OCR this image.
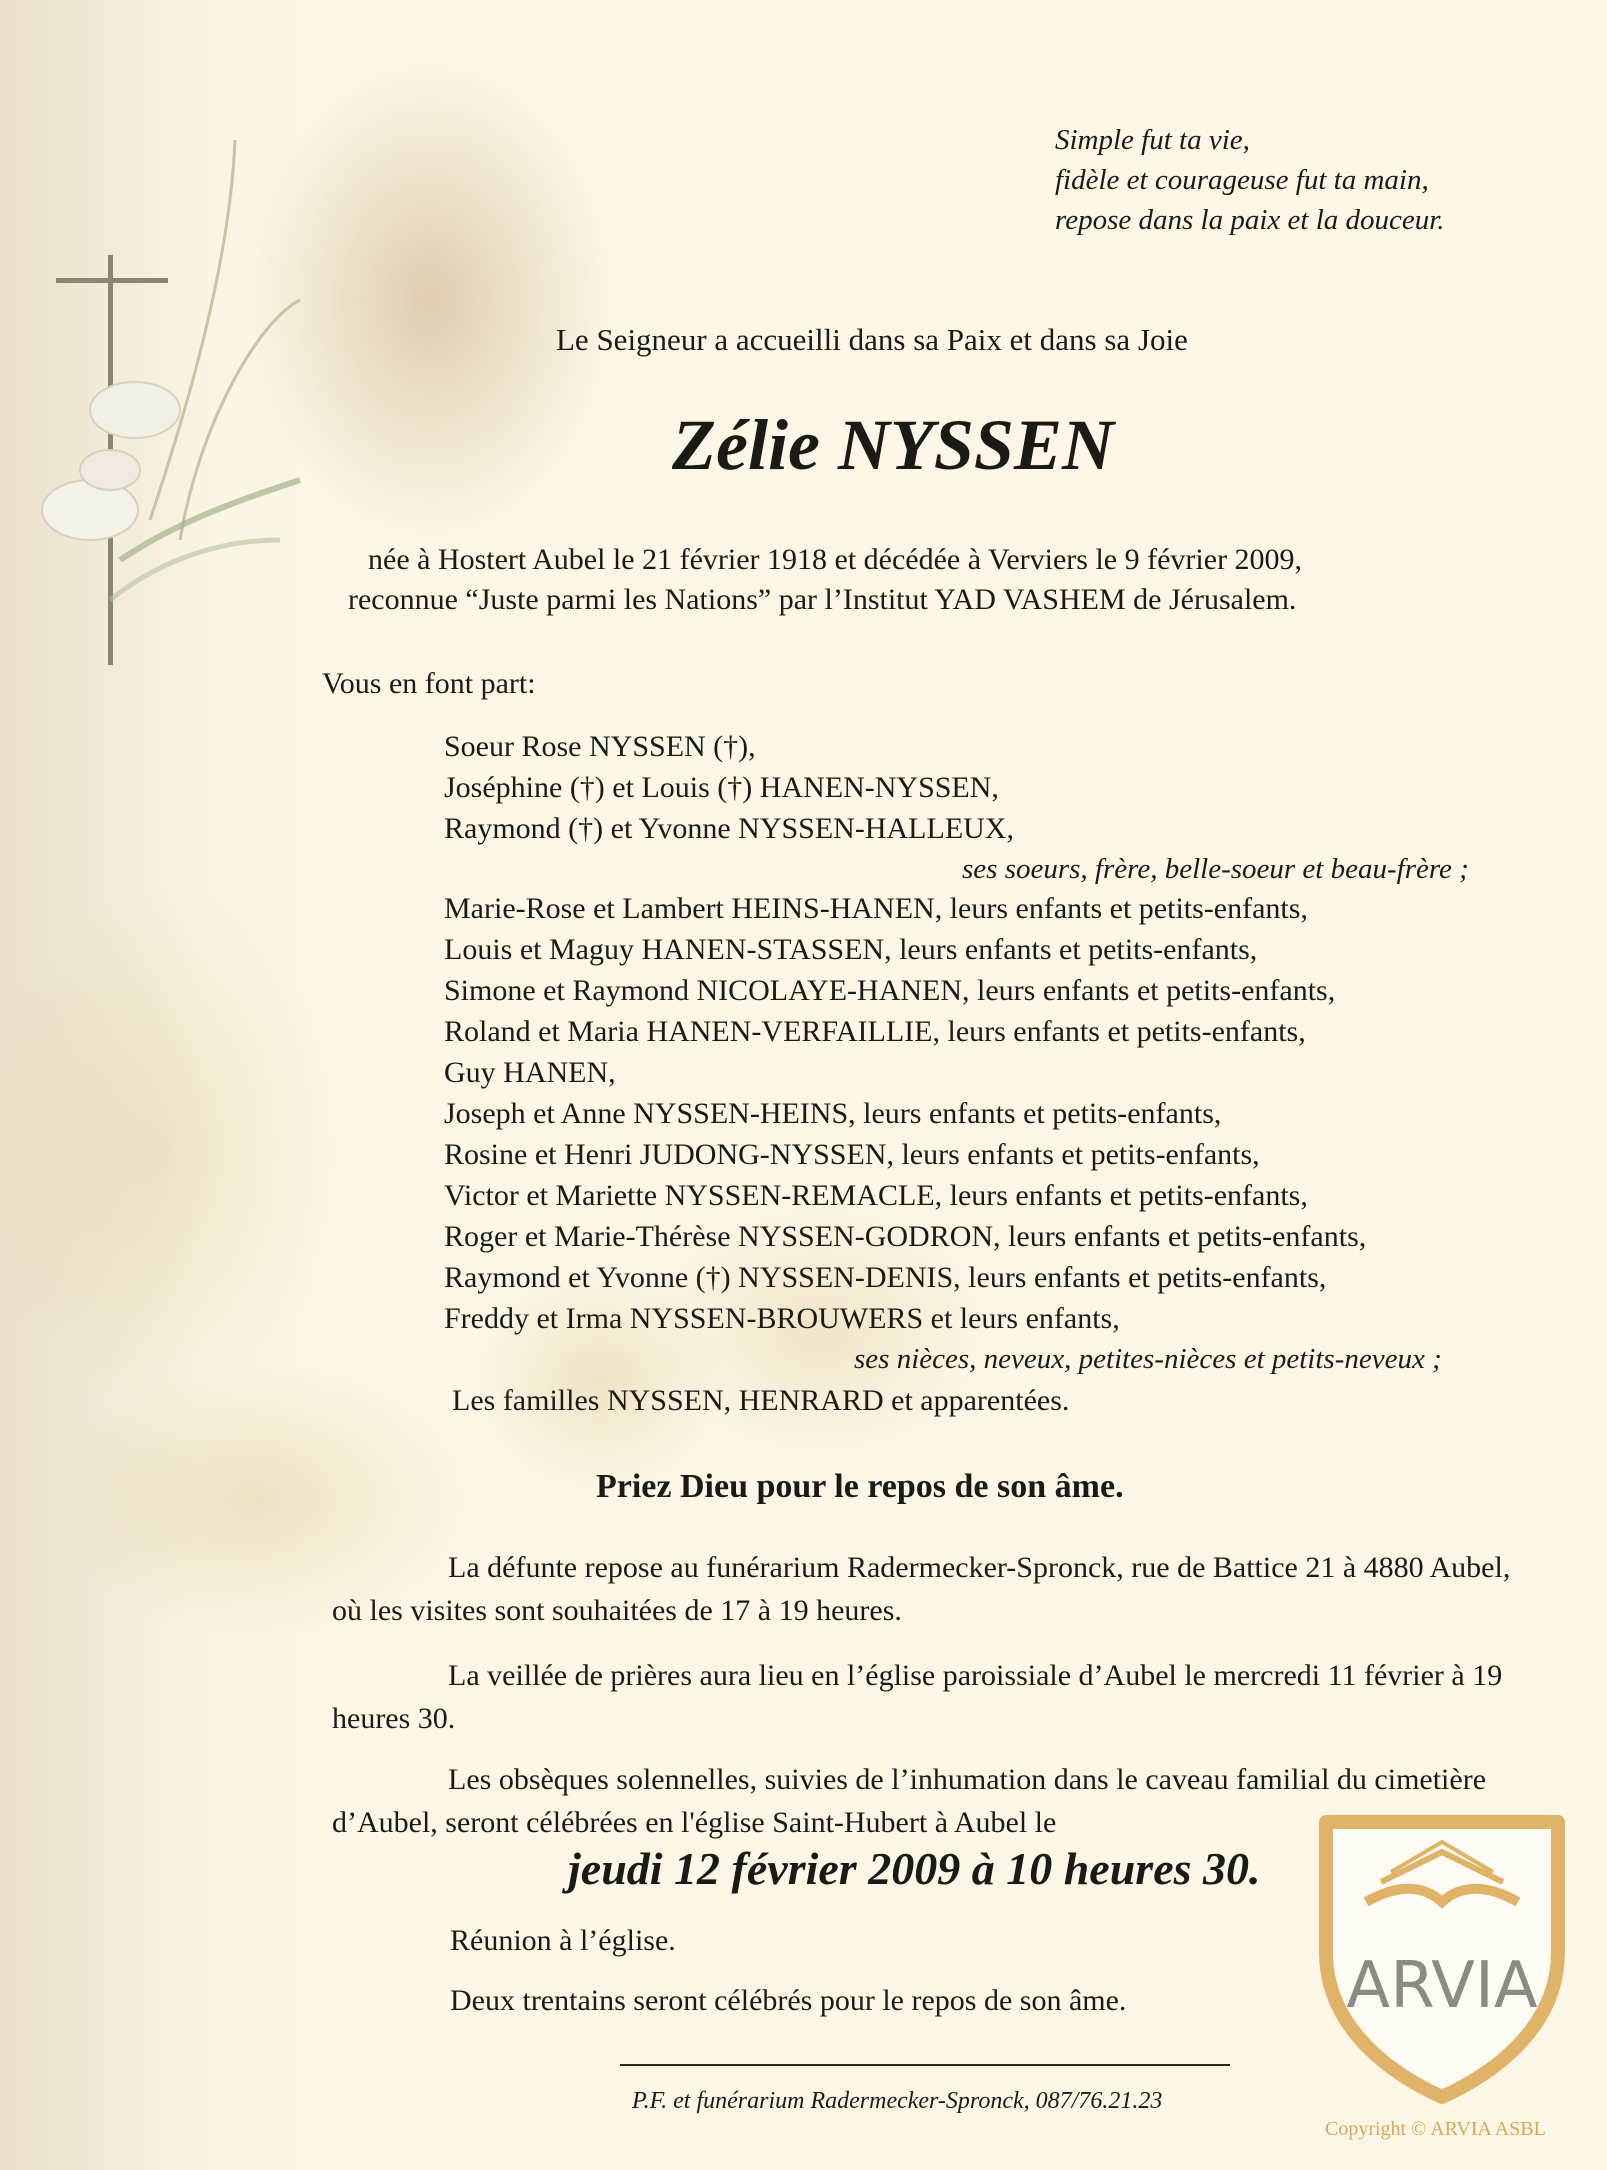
Simple fut ta vie,
fidèle et courageuse fut ta main,
repose dans la paix et la douceur.
Le Seigneur a accueilli dans sa Paix et dans sa Joie
Zélie NYSSEN
née à Hostert Aubel le 21 février 1918 et décédée à Verviers le 9 février 2009,
reconnue “Juste parmi les Nations” par l’Institut YAD VASHEM de Jérusalem.
Vous en font part:
Soeur Rose NYSSEN (†),
Joséphine (†) et Louis (†) HANEN-NYSSEN,
Raymond (†) et Yvonne NYSSEN-HALLEUX,
ses soeurs, frère, belle-soeur et beau-frère ;
Marie-Rose et Lambert HEINS-HANEN, leurs enfants et petits-enfants,
Louis et Maguy HANEN-STASSEN, leurs enfants et petits-enfants,
Simone et Raymond NICOLAYE-HANEN, leurs enfants et petits-enfants,
Roland et Maria HANEN-VERFAILLIE, leurs enfants et petits-enfants,
Guy HANEN,
Joseph et Anne NYSSEN-HEINS, leurs enfants et petits-enfants,
Rosine et Henri JUDONG-NYSSEN, leurs enfants et petits-enfants,
Victor et Mariette NYSSEN-REMACLE, leurs enfants et petits-enfants,
Roger et Marie-Thérèse NYSSEN-GODRON, leurs enfants et petits-enfants,
Raymond et Yvonne (†) NYSSEN-DENIS, leurs enfants et petits-enfants,
Freddy et Irma NYSSEN-BROUWERS et leurs enfants,
ses nièces, neveux, petites-nièces et petits-neveux ;
Les familles NYSSEN, HENRARD et apparentées.
Priez Dieu pour le repos de son âme.
La défunte repose au funérarium Radermecker-Spronck, rue de Battice 21 à 4880 Aubel, où les visites sont souhaitées de 17 à 19 heures.
La veillée de prières aura lieu en l’église paroissiale d’Aubel le mercredi 11 février à 19 heures 30.
Les obsèques solennelles, suivies de l’inhumation dans le caveau familial du cimetière d’Aubel, seront célébrées en l'église Saint-Hubert à Aubel le
jeudi 12 février 2009 à 10 heures 30.
Réunion à l’église.
Deux trentains seront célébrés pour le repos de son âme.
P.F. et funérarium Radermecker-Spronck, 087/76.21.23
ARVIA
Copyright © ARVIA ASBL
